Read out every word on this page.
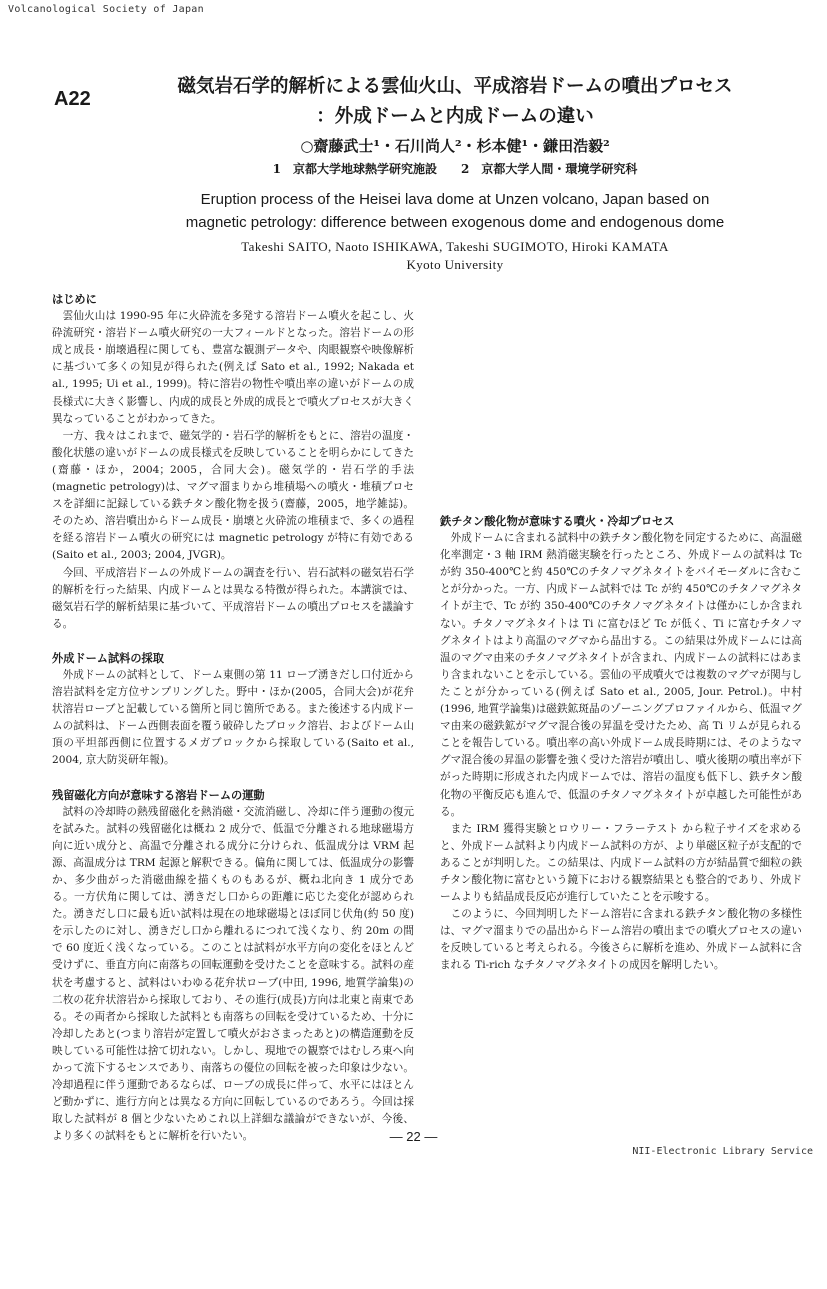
Volcanological Society of Japan
A22
磁気岩石学的解析による雲仙火山、平成溶岩ドームの噴出プロセス
：外成ドームと内成ドームの違い
○齋藤武士¹・石川尚人²・杉本健¹・鎌田浩毅²
1　京都大学地球熱学研究施設　　2　京都大学人間・環境学研究科
Eruption process of the Heisei lava dome at Unzen volcano, Japan based on
magnetic petrology: difference between exogenous dome and endogenous dome
Takeshi SAITO, Naoto ISHIKAWA, Takeshi SUGIMOTO, Hiroki KAMATA
Kyoto University

はじめに

雲仙火山は 1990-95 年に火砕流を多発する溶岩ドーム噴火を起こし、火砕流研究・溶岩ドーム噴火研究の一大フィールドとなった。溶岩ドームの形成と成長・崩壊過程に関しても、豊富な観測データや、肉眼観察や映像解析に基づいて多くの知見が得られた(例えば Sato et al., 1992; Nakada et al., 1995; Ui et al., 1999)。特に溶岩の物性や噴出率の違いがドームの成長様式に大きく影響し、内成的成長と外成的成長とで噴火プロセスが大きく異なっていることがわかってきた。

一方、我々はこれまで、磁気学的・岩石学的解析をもとに、溶岩の温度・酸化状態の違いがドームの成長様式を反映していることを明らかにしてきた(齋藤・ほか，2004；2005，合同大会)。磁気学的・岩石学的手法(magnetic petrology)は、マグマ溜まりから堆積場への噴火・堆積プロセスを詳細に記録している鉄チタン酸化物を扱う(齋藤，2005，地学雑誌)。そのため、溶岩噴出からドーム成長・崩壊と火砕流の堆積まで、多くの過程を経る溶岩ドーム噴火の研究には magnetic petrology が特に有効である(Saito et al., 2003; 2004, JVGR)。

今回、平成溶岩ドームの外成ドームの調査を行い、岩石試料の磁気岩石学的解析を行った結果、内成ドームとは異なる特徴が得られた。本講演では、磁気岩石学的解析結果に基づいて、平成溶岩ドームの噴出プロセスを議論する。

外成ドーム試料の採取

外成ドームの試料として、ドーム東側の第 11 ローブ湧きだし口付近から溶岩試料を定方位サンプリングした。野中・ほか(2005，合同大会)が花弁状溶岩ローブと記載している箇所と同じ箇所である。また後述する内成ドームの試料は、ドーム西側表面を覆う破砕したブロック溶岩、およびドーム山頂の平坦部西側に位置するメガブロックから採取している(Saito et al., 2004, 京大防災研年報)。

残留磁化方向が意味する溶岩ドームの運動

試料の冷却時の熱残留磁化を熱消磁・交流消磁し、冷却に伴う運動の復元を試みた。試料の残留磁化は概ね 2 成分で、低温で分離される地球磁場方向に近い成分と、高温で分離される成分に分けられ、低温成分は VRM 起源、高温成分は TRM 起源と解釈できる。偏角に関しては、低温成分の影響か、多少曲がった消磁曲線を描くものもあるが、概ね北向き 1 成分である。一方伏角に関しては、湧きだし口からの距離に応じた変化が認められた。湧きだし口に最も近い試料は現在の地球磁場とほぼ同じ伏角(約 50 度)を示したのに対し、湧きだし口から離れるにつれて浅くなり、約 20m の間で 60 度近く浅くなっている。このことは試料が水平方向の変化をほとんど受けずに、垂直方向に南落ちの回転運動を受けたことを意味する。試料の産状を考慮すると、試料はいわゆる花弁状ローブ(中田, 1996, 地質学論集)の二枚の花弁状溶岩から採取しており、その進行(成長)方向は北東と南東である。その両者から採取した試料とも南落ちの回転を受けているため、十分に冷却したあと(つまり溶岩が定置して噴火がおさまったあと)の構造運動を反映している可能性は捨て切れない。しかし、現地での観察ではむしろ東へ向かって流下するセンスであり、南落ちの優位の回転を被った印象は少ない。冷却過程に伴う運動であるならば、ローブの成長に伴って、水平にはほとんど動かずに、進行方向とは異なる方向に回転しているのであろう。今回は採取した試料が 8 個と少ないためこれ以上詳細な議論ができないが、今後、より多くの試料をもとに解析を行いたい。

鉄チタン酸化物が意味する噴火・冷却プロセス

外成ドームに含まれる試料中の鉄チタン酸化物を同定するために、高温磁化率測定・3 軸 IRM 熱消磁実験を行ったところ、外成ドームの試料は Tc が約 350-400℃と約 450℃のチタノマグネタイトをバイモーダルに含むことが分かった。一方、内成ドーム試料では Tc が約 450℃のチタノマグネタイトが主で、Tc が約 350-400℃のチタノマグネタイトは僅かにしか含まれない。チタノマグネタイトは Ti に富むほど Tc が低く、Ti に富むチタノマグネタイトはより高温のマグマから晶出する。この結果は外成ドームには高温のマグマ由来のチタノマグネタイトが含まれ、内成ドームの試料にはあまり含まれないことを示している。雲仙の平成噴火では複数のマグマが関与したことが分かっている(例えば Sato et al., 2005, Jour. Petrol.)。中村(1996, 地質学論集)は磁鉄鉱斑晶のゾーニングプロファイルから、低温マグマ由来の磁鉄鉱がマグマ混合後の昇温を受けたため、高 Ti リムが見られることを報告している。噴出率の高い外成ドーム成長時期には、そのようなマグマ混合後の昇温の影響を強く受けた溶岩が噴出し、噴火後期の噴出率が下がった時期に形成された内成ドームでは、溶岩の温度も低下し、鉄チタン酸化物の平衡反応も進んで、低温のチタノマグネタイトが卓越した可能性がある。

また IRM 獲得実験とロウリー・フラーテスト から粒子サイズを求めると、外成ドーム試料より内成ドーム試料の方が、より単磁区粒子が支配的であることが判明した。この結果は、内成ドーム試料の方が結晶質で細粒の鉄チタン酸化物に富むという鏡下における観察結果とも整合的であり、外成ドームよりも結晶成長反応が進行していたことを示唆する。

このように、今回判明したドーム溶岩に含まれる鉄チタン酸化物の多様性は、マグマ溜まりでの晶出からドーム溶岩の噴出までの噴火プロセスの違いを反映していると考えられる。今後さらに解析を進め、外成ドーム試料に含まれる Ti-rich なチタノマグネタイトの成因を解明したい。

― 22 ―
NII-Electronic Library Service
